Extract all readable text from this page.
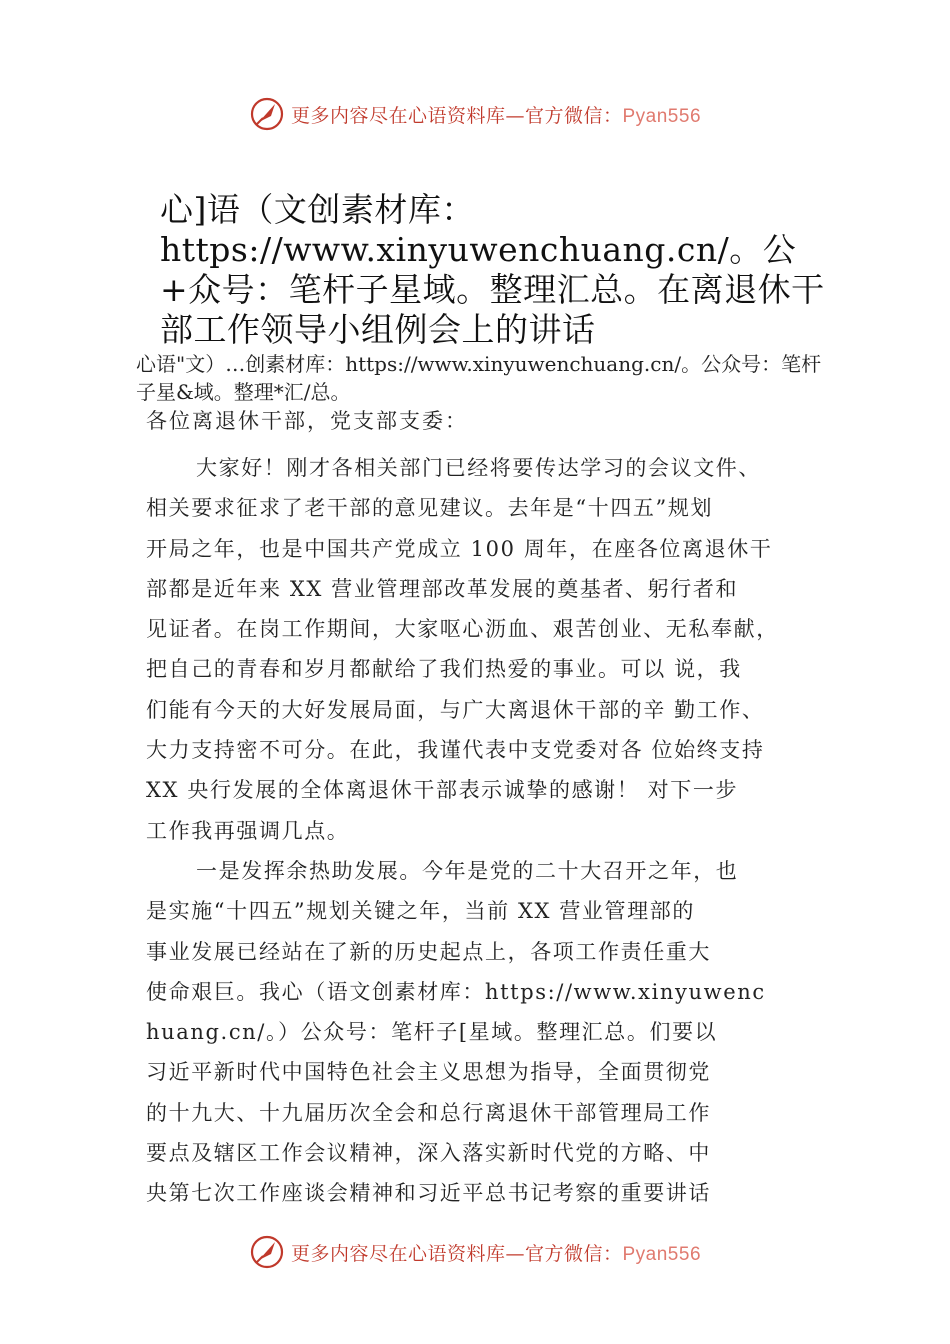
更多内容尽在心语资料库—官方微信：Pyan556
心]语（文创素材库：https://www.xinyuwenchuang.cn/。公+众号：笔杆子星域。整理汇总。在离退休干部工作领导小组例会上的讲话

心语"文）…创素材库：https://www.xinyuwenchuang.cn/。公众号：笔杆子星&域。整理*汇/总。

各位离退休干部，党支部支委：

大家好！刚才各相关部门已经将要传达学习的会议文件、
相关要求征求了老干部的意见建议。去年是“十四五”规划
开局之年，也是中国共产党成立 100 周年，在座各位离退休干
部都是近年来 XX 营业管理部改革发展的奠基者、躬行者和
见证者。在岗工作期间，大家呕心沥血、艰苦创业、无私奉献，
把自己的青春和岁月都献给了我们热爱的事业。可以 说，我
们能有今天的大好发展局面，与广大离退休干部的辛 勤工作、
大力支持密不可分。在此，我谨代表中支党委对各 位始终支持
XX 央行发展的全体离退休干部表示诚挚的感谢！ 对下一步
工作我再强调几点。
一是发挥余热助发展。今年是党的二十大召开之年，也
是实施“十四五”规划关键之年，当前 XX 营业管理部的
事业发展已经站在了新的历史起点上，各项工作责任重大
使命艰巨。我心（语文创素材库：https://www.xinyuwenc
huang.cn/。）公众号：笔杆子[星域。整理汇总。们要以
习近平新时代中国特色社会主义思想为指导，全面贯彻党
的十九大、十九届历次全会和总行离退休干部管理局工作
要点及辖区工作会议精神，深入落实新时代党的方略、中
央第七次工作座谈会精神和习近平总书记考察的重要讲话
更多内容尽在心语资料库—官方微信：Pyan556
